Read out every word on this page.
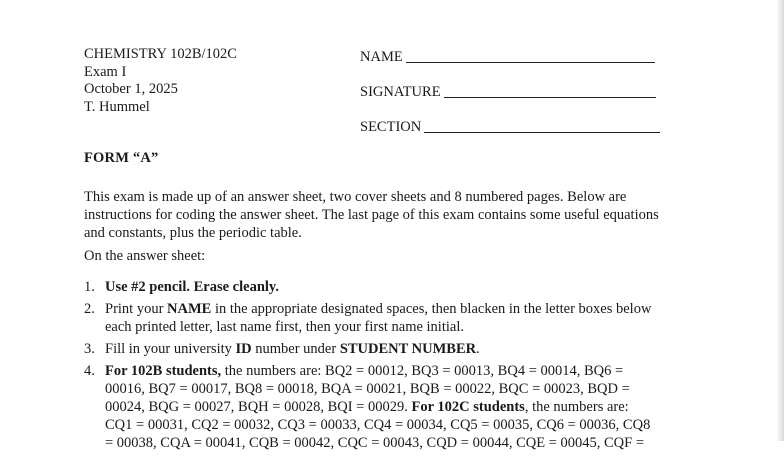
CHEMISTRY 102B/102C
Exam I
October 1, 2025
T. Hummel
NAME
SIGNATURE
SECTION
FORM “A”
This exam is made up of an answer sheet, two cover sheets and 8 numbered pages. Below are
instructions for coding the answer sheet. The last page of this exam contains some useful equations
and constants, plus the periodic table.
On the answer sheet:
1. Use #2 pencil. Erase cleanly.
2. Print your NAME in the appropriate designated spaces, then blacken in the letter boxes below
each printed letter, last name first, then your first name initial.
3. Fill in your university ID number under STUDENT NUMBER.
4. For 102B students, the numbers are: BQ2 = 00012, BQ3 = 00013, BQ4 = 00014, BQ6 =
00016, BQ7 = 00017, BQ8 = 00018, BQA = 00021, BQB = 00022, BQC = 00023, BQD =
00024, BQG = 00027, BQH = 00028, BQI = 00029. For 102C students, the numbers are:
CQ1 = 00031, CQ2 = 00032, CQ3 = 00033, CQ4 = 00034, CQ5 = 00035, CQ6 = 00036, CQ8
= 00038, CQA = 00041, CQB = 00042, CQC = 00043, CQD = 00044, CQE = 00045, CQF =
